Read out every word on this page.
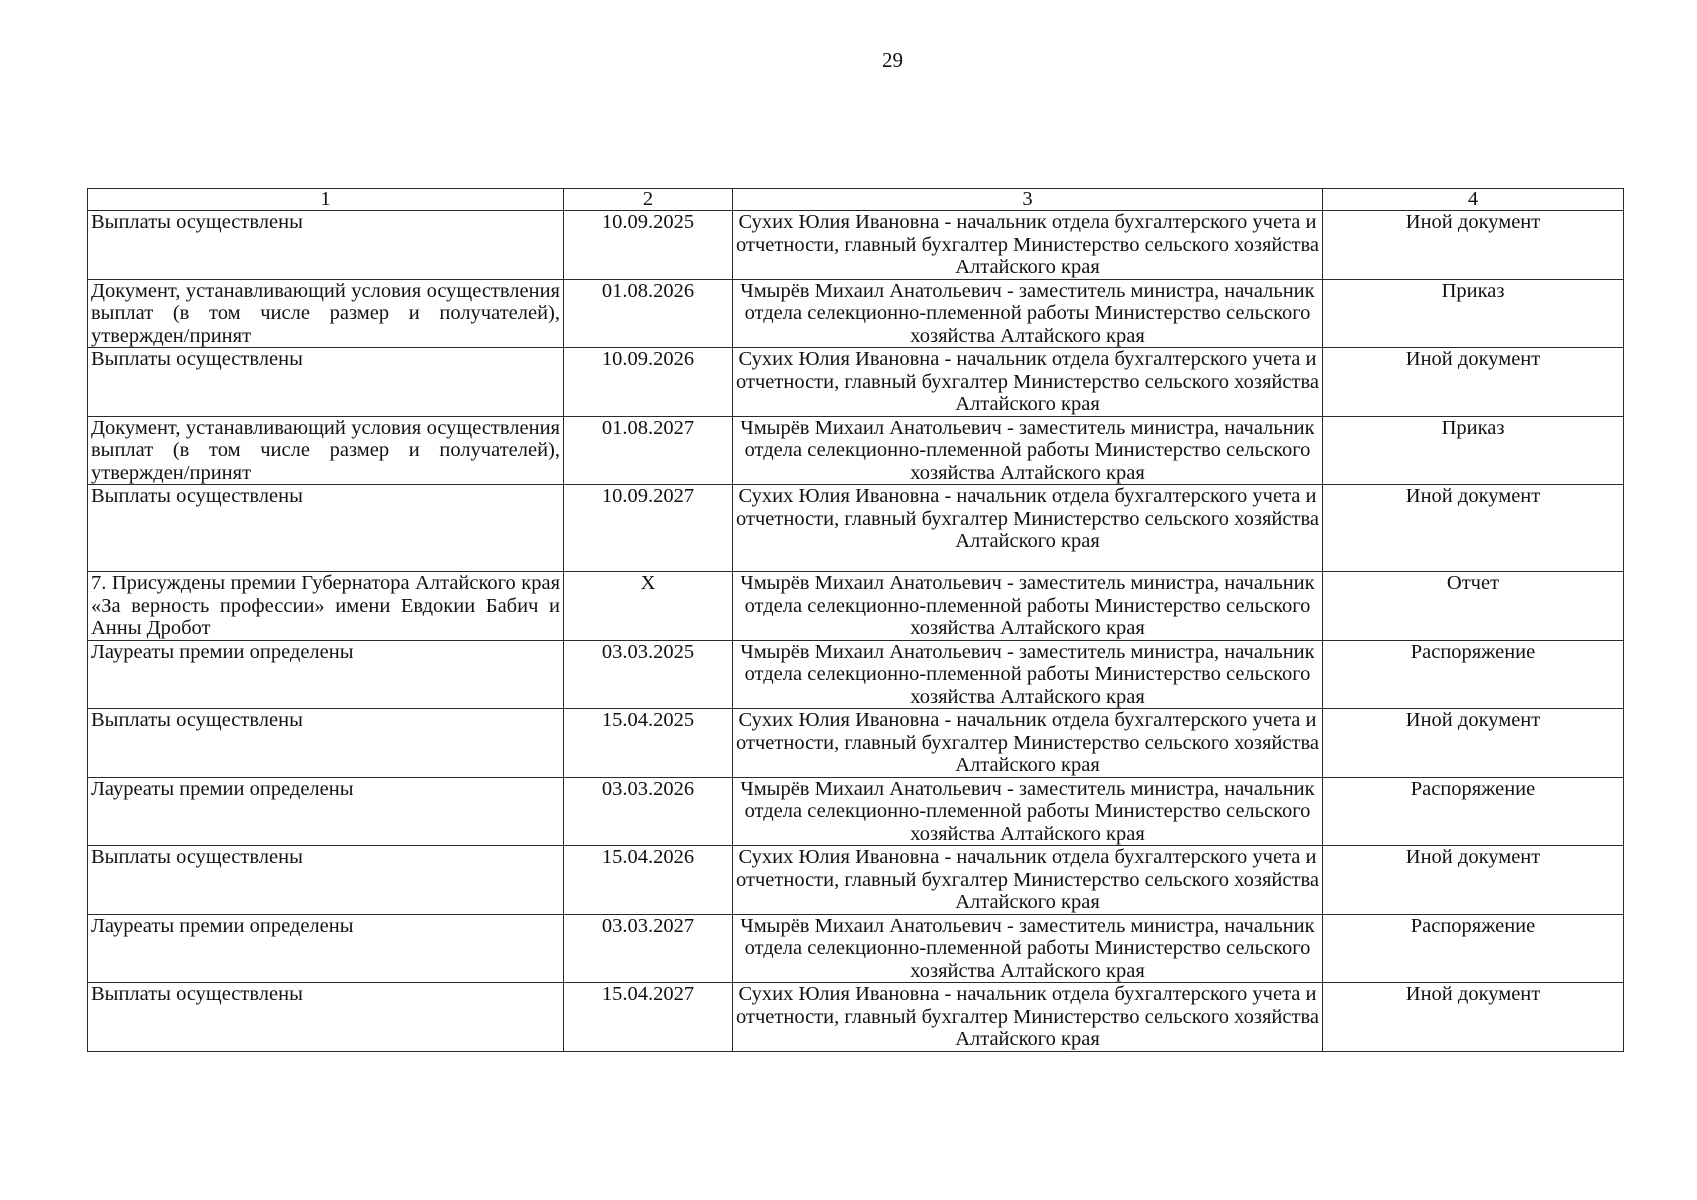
29
1	2	3	4
Выплаты осуществлены	10.09.2025	Сухих Юлия Ивановна - начальник отдела бухгалтерского учета и отчетности, главный бухгалтер Министерство сельского хозяйства Алтайского края	Иной документ
Документ, устанавливающий условия осуществления выплат (в том числе размер и получателей), утвержден/принят	01.08.2026	Чмырёв Михаил Анатольевич - заместитель министра, начальник отдела селекционно-племенной работы Министерство сельского хозяйства Алтайского края	Приказ
Выплаты осуществлены	10.09.2026	Сухих Юлия Ивановна - начальник отдела бухгалтерского учета и отчетности, главный бухгалтер Министерство сельского хозяйства Алтайского края	Иной документ
Документ, устанавливающий условия осуществления выплат (в том числе размер и получателей), утвержден/принят	01.08.2027	Чмырёв Михаил Анатольевич - заместитель министра, начальник отдела селекционно-племенной работы Министерство сельского хозяйства Алтайского края	Приказ
Выплаты осуществлены	10.09.2027	Сухих Юлия Ивановна - начальник отдела бухгалтерского учета и отчетности, главный бухгалтер Министерство сельского хозяйства Алтайского края	Иной документ
7. Присуждены премии Губернатора Алтайского края «За верность профессии» имени Евдокии Бабич и Анны Дробот	X	Чмырёв Михаил Анатольевич - заместитель министра, начальник отдела селекционно-племенной работы Министерство сельского хозяйства Алтайского края	Отчет
Лауреаты премии определены	03.03.2025	Чмырёв Михаил Анатольевич - заместитель министра, начальник отдела селекционно-племенной работы Министерство сельского хозяйства Алтайского края	Распоряжение
Выплаты осуществлены	15.04.2025	Сухих Юлия Ивановна - начальник отдела бухгалтерского учета и отчетности, главный бухгалтер Министерство сельского хозяйства Алтайского края	Иной документ
Лауреаты премии определены	03.03.2026	Чмырёв Михаил Анатольевич - заместитель министра, начальник отдела селекционно-племенной работы Министерство сельского хозяйства Алтайского края	Распоряжение
Выплаты осуществлены	15.04.2026	Сухих Юлия Ивановна - начальник отдела бухгалтерского учета и отчетности, главный бухгалтер Министерство сельского хозяйства Алтайского края	Иной документ
Лауреаты премии определены	03.03.2027	Чмырёв Михаил Анатольевич - заместитель министра, начальник отдела селекционно-племенной работы Министерство сельского хозяйства Алтайского края	Распоряжение
Выплаты осуществлены	15.04.2027	Сухих Юлия Ивановна - начальник отдела бухгалтерского учета и отчетности, главный бухгалтер Министерство сельского хозяйства Алтайского края	Иной документ
